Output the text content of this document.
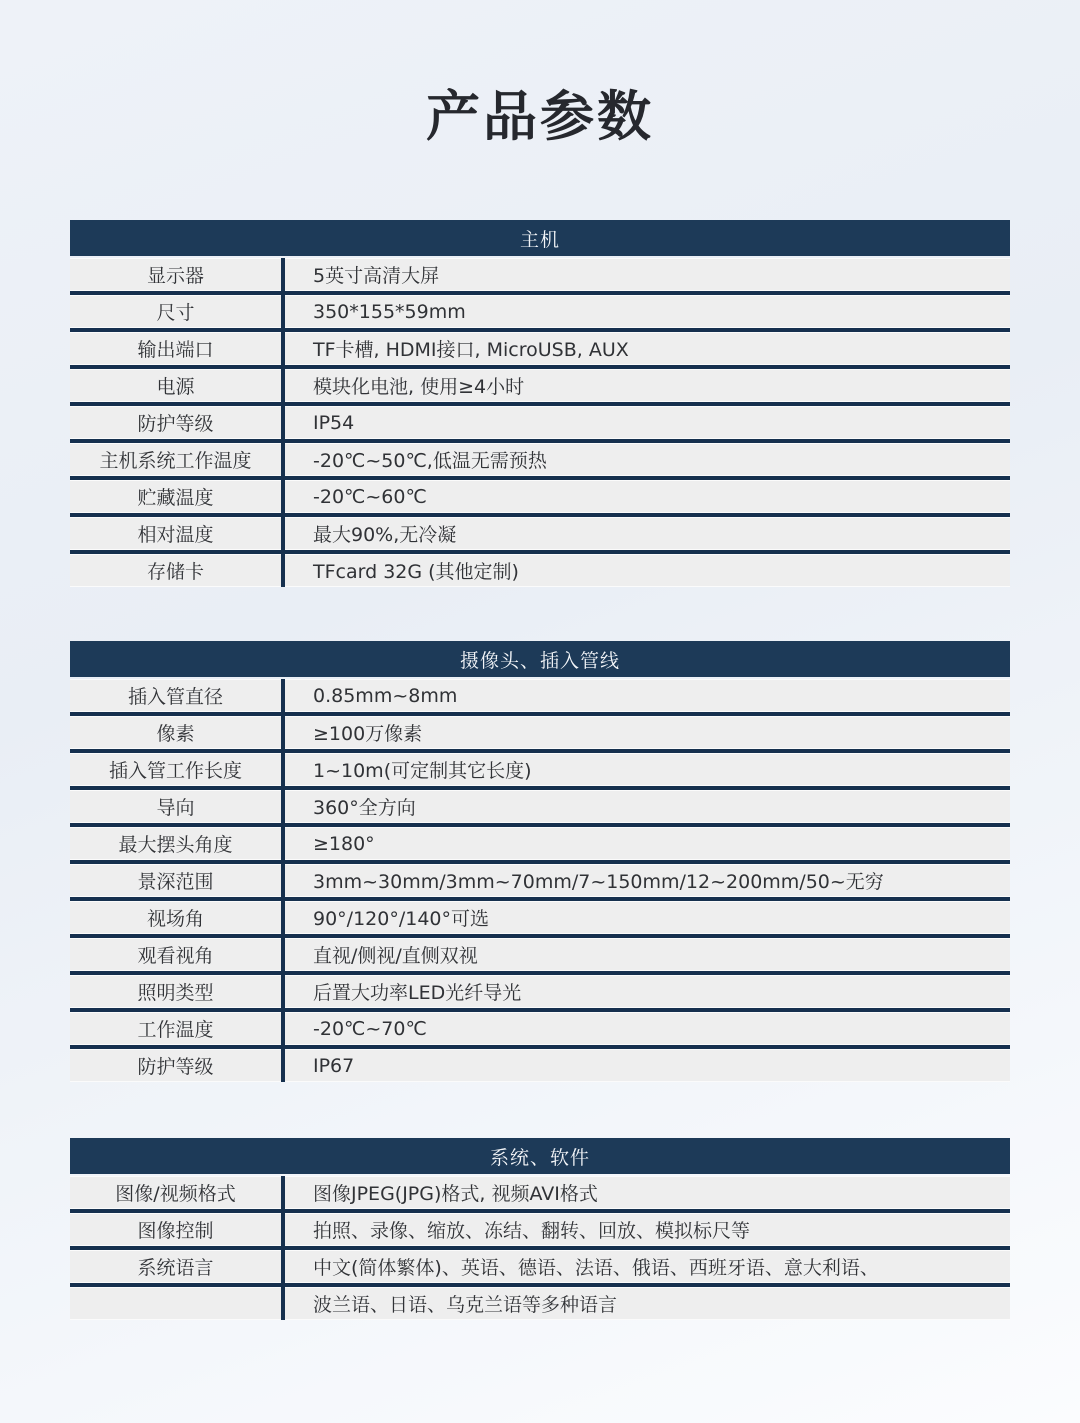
产品参数
主机
显示器	5英寸高清大屏
尺寸	350*155*59mm
输出端口	TF卡槽, HDMI接口, MicroUSB, AUX
电源	模块化电池, 使用≥4小时
防护等级	IP54
主机系统工作温度	-20℃~50℃,低温无需预热
贮藏温度	-20℃~60℃
相对温度	最大90%,无冷凝
存储卡	TFcard 32G (其他定制)
摄像头、插入管线
插入管直径	0.85mm~8mm
像素	≥100万像素
插入管工作长度	1~10m(可定制其它长度)
导向	360°全方向
最大摆头角度	≥180°
景深范围	3mm~30mm/3mm~70mm/7~150mm/12~200mm/50~无穷
视场角	90°/120°/140°可选
观看视角	直视/侧视/直侧双视
照明类型	后置大功率LED光纤导光
工作温度	-20℃~70℃
防护等级	IP67
系统、软件
图像/视频格式	图像JPEG(JPG)格式, 视频AVI格式
图像控制	拍照、录像、缩放、冻结、翻转、回放、模拟标尺等
系统语言	中文(简体繁体)、英语、德语、法语、俄语、西班牙语、意大利语、
波兰语、日语、乌克兰语等多种语言
